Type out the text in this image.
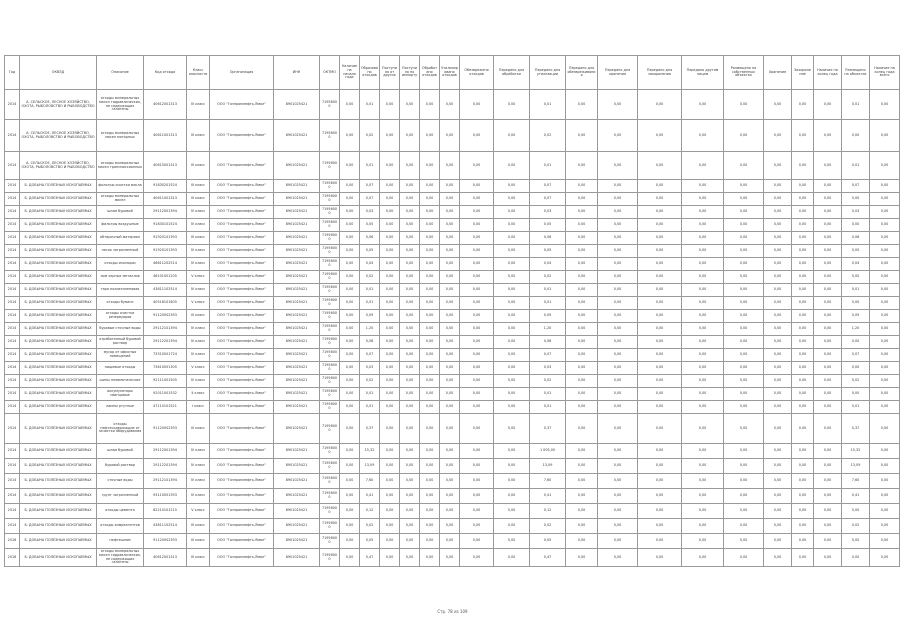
Год	ОКВЭД	Описание	Код отхода	Класс опасности	Организация	ИНН	ОКТМО	Наличие на начало года	Образовано отходов	Поступило от других	Поступило по импорту	Обработано отходов	Утилизировано отходов	Обезврежено отходов	Передано для обработки	Передано для утилизации	Передано для обезвреживания	Передано для хранения	Передано для захоронения	Передано другим лицам	Размещено на собственных объектах	Хранение	Захоронение	Наличие на конец года	Размещено на объектах	Наличие на конец года всего
2014	А. СЕЛЬСКОЕ, ЛЕСНОЕ ХОЗЯЙСТВО, ОХОТА, РЫБОЛОВСТВО И РЫБОВОДСТВО	отходы минеральных масел гидравлических, не содержащих галогены	40612001313	III класс	ООО "Газпромнефть-Ямал"	8901025421	71956000	0,00	0,01	0,00	0,00	0,00	0,00	0,00	0,00	0,01	0,00	0,00	0,00	0,00	0,00	0,00	0,00	0,00	0,01	0,00
2014	А. СЕЛЬСКОЕ, ЛЕСНОЕ ХОЗЯЙСТВО, ОХОТА, РЫБОЛОВСТВО И РЫБОВОДСТВО	отходы минеральных масел моторных	40611001313	III класс	ООО "Газпромнефть-Ямал"	8901025421	71956000	0,00	0,02	0,00	0,00	0,00	0,00	0,00	0,00	0,02	0,00	0,00	0,00	0,00	0,00	0,00	0,00	0,00	0,00	0,00
2014	А. СЕЛЬСКОЕ, ЛЕСНОЕ ХОЗЯЙСТВО, ОХОТА, РЫБОЛОВСТВО И РЫБОВОДСТВО	отходы минеральных масел трансмиссионных	40615001313	III класс	ООО "Газпромнефть-Ямал"	8901025421	71956000	0,00	0,01	0,00	0,00	0,00	0,00	0,00	0,00	0,01	0,00	0,00	0,00	0,00	0,00	0,00	0,00	0,00	0,01	0,00
2014	Б. ДОБЫЧА ПОЛЕЗНЫХ ИСКОПАЕМЫХ	фильтры очистки масла	91830201524	III класс	ООО "Газпромнефть-Ямал"	8901025421	71956000	0,00	0,07	0,00	0,00	0,00	0,00	0,00	0,00	0,07	0,00	0,00	0,00	0,00	0,00	0,00	0,00	0,00	0,07	0,00
2014	Б. ДОБЫЧА ПОЛЕЗНЫХ ИСКОПАЕМЫХ	отходы минеральных масел	40611001313	III класс	ООО "Газпромнефть-Ямал"	8901025421	71956000	0,00	0,07	0,00	0,00	0,00	0,00	0,00	0,00	0,07	0,00	0,00	0,00	0,00	0,00	0,00	0,00	0,00	0,00	0,00
2014	Б. ДОБЫЧА ПОЛЕЗНЫХ ИСКОПАЕМЫХ	шлам буровой	29112001394	IV класс	ООО "Газпромнефть-Ямал"	8901025421	71956000	0,00	0,03	0,00	0,00	0,00	0,00	0,00	0,00	0,03	0,00	0,00	0,00	0,00	0,00	0,00	0,00	0,00	0,03	0,00
2014	Б. ДОБЫЧА ПОЛЕЗНЫХ ИСКОПАЕМЫХ	фильтры воздушные	91830101524	IV класс	ООО "Газпромнефть-Ямал"	8901025421	71956000	0,00	0,05	0,00	0,00	0,00	0,00	0,00	0,00	0,05	0,00	0,00	0,00	0,00	0,00	0,00	0,00	0,00	0,00	0,00
2014	Б. ДОБЫЧА ПОЛЕЗНЫХ ИСКОПАЕМЫХ	обтирочный материал	91920101393	III класс	ООО "Газпромнефть-Ямал"	8901025421	71956000	0,00	0,06	0,00	0,00	0,00	0,00	0,00	0,00	0,06	0,00	0,00	0,00	0,00	0,00	0,00	0,00	0,00	0,06	0,00
2014	Б. ДОБЫЧА ПОЛЕЗНЫХ ИСКОПАЕМЫХ	песок загрязненный	91920101393	IV класс	ООО "Газпромнефть-Ямал"	8901025421	71956000	0,00	0,05	0,00	0,00	0,00	0,00	0,00	0,00	0,05	0,00	0,00	0,00	0,00	0,00	0,00	0,00	0,00	0,00	0,00
2014	Б. ДОБЫЧА ПОЛЕЗНЫХ ИСКОПАЕМЫХ	отходы изоляции	46811202514	IV класс	ООО "Газпромнефть-Ямал"	8901025421	71956000	0,00	0,04	0,00	0,00	0,00	0,00	0,00	0,00	0,04	0,00	0,00	0,00	0,00	0,00	0,00	0,00	0,00	0,04	0,00
2014	Б. ДОБЫЧА ПОЛЕЗНЫХ ИСКОПАЕМЫХ	лом черных металлов	46101001205	V класс	ООО "Газпромнефть-Ямал"	8901025421	71956000	0,00	0,02	0,00	0,00	0,00	0,00	0,00	0,00	0,02	0,00	0,00	0,00	0,00	0,00	0,00	0,00	0,00	0,00	0,00
2014	Б. ДОБЫЧА ПОЛЕЗНЫХ ИСКОПАЕМЫХ	тара полиэтиленовая	43811102514	IV класс	ООО "Газпромнефть-Ямал"	8901025421	71956000	0,00	0,01	0,00	0,00	0,00	0,00	0,00	0,00	0,01	0,00	0,00	0,00	0,00	0,00	0,00	0,00	0,00	0,01	0,00
2014	Б. ДОБЫЧА ПОЛЕЗНЫХ ИСКОПАЕМЫХ	отходы бумаги	40518101605	V класс	ООО "Газпромнефть-Ямал"	8901025421	71956000	0,00	0,01	0,00	0,00	0,00	0,00	0,00	0,00	0,01	0,00	0,00	0,00	0,00	0,00	0,00	0,00	0,00	0,00	0,00
2014	Б. ДОБЫЧА ПОЛЕЗНЫХ ИСКОПАЕМЫХ	отходы очистки резервуаров	91120002393	III класс	ООО "Газпромнефть-Ямал"	8901025421	71956000	0,00	0,09	0,00	0,00	0,00	0,00	0,00	0,00	0,09	0,00	0,00	0,00	0,00	0,00	0,00	0,00	0,00	0,09	0,00
2014	Б. ДОБЫЧА ПОЛЕЗНЫХ ИСКОПАЕМЫХ	буровые сточные воды	29112101394	IV класс	ООО "Газпромнефть-Ямал"	8901025421	71956000	0,00	1,20	0,00	0,00	0,00	0,00	0,00	0,00	1,20	0,00	0,00	0,00	0,00	0,00	0,00	0,00	0,00	1,20	0,00
2014	Б. ДОБЫЧА ПОЛЕЗНЫХ ИСКОПАЕМЫХ	отработанный буровой раствор	29112201394	IV класс	ООО "Газпромнефть-Ямал"	8901025421	71956000	0,00	0,08	0,00	0,00	0,00	0,00	0,00	0,00	0,08	0,00	0,00	0,00	0,00	0,00	0,00	0,00	0,00	0,00	0,00
2014	Б. ДОБЫЧА ПОЛЕЗНЫХ ИСКОПАЕМЫХ	мусор от офисных помещений	73310001724	IV класс	ООО "Газпромнефть-Ямал"	8901025421	71956000	0,00	0,07	0,00	0,00	0,00	0,00	0,00	0,00	0,07	0,00	0,00	0,00	0,00	0,00	0,00	0,00	0,00	0,07	0,00
2014	Б. ДОБЫЧА ПОЛЕЗНЫХ ИСКОПАЕМЫХ	пищевые отходы	73610001305	V класс	ООО "Газпромнефть-Ямал"	8901025421	71956000	0,00	0,03	0,00	0,00	0,00	0,00	0,00	0,00	0,03	0,00	0,00	0,00	0,00	0,00	0,00	0,00	0,00	0,00	0,00
2014	Б. ДОБЫЧА ПОЛЕЗНЫХ ИСКОПАЕМЫХ	шины пневматические	92111001505	IV класс	ООО "Газпромнефть-Ямал"	8901025421	71956000	0,00	0,02	0,00	0,00	0,00	0,00	0,00	0,00	0,02	0,00	0,00	0,00	0,00	0,00	0,00	0,00	0,00	0,02	0,00
2014	Б. ДОБЫЧА ПОЛЕЗНЫХ ИСКОПАЕМЫХ	аккумуляторы свинцовые	92011001532	II класс	ООО "Газпромнефть-Ямал"	8901025421	71956000	0,00	0,01	0,00	0,00	0,00	0,00	0,00	0,00	0,01	0,00	0,00	0,00	0,00	0,00	0,00	0,00	0,00	0,00	0,00
2014	Б. ДОБЫЧА ПОЛЕЗНЫХ ИСКОПАЕМЫХ	лампы ртутные	47110101521	I класс	ООО "Газпромнефть-Ямал"	8901025421	71956000	0,00	0,01	0,00	0,00	0,00	0,00	0,00	0,00	0,01	0,00	0,00	0,00	0,00	0,00	0,00	0,00	0,00	0,01	0,00
2014	Б. ДОБЫЧА ПОЛЕЗНЫХ ИСКОПАЕМЫХ	отходы нефтесодержащие от зачистки оборудования	91120002393	III класс	ООО "Газпромнефть-Ямал"	8901025421	71956000	0,00	0,37	0,00	0,00	0,00	0,00	0,00	0,00	0,37	0,00	0,00	0,00	0,00	0,00	0,00	0,00	0,00	0,37	0,00
2014	Б. ДОБЫЧА ПОЛЕЗНЫХ ИСКОПАЕМЫХ	шлам буровой	29112001394	IV класс	ООО "Газпромнефть-Ямал"	8901025421	71956000	0,00	15,32	0,00	0,00	0,00	0,00	0,00	0,00	1 005,00	0,00	0,00	0,00	0,00	0,00	0,00	0,00	0,00	15,32	0,00
2014	Б. ДОБЫЧА ПОЛЕЗНЫХ ИСКОПАЕМЫХ	буровой раствор	29112201394	IV класс	ООО "Газпромнефть-Ямал"	8901025421	71956000	0,00	13,09	0,00	0,00	0,00	0,00	0,00	0,00	13,09	0,00	0,00	0,00	0,00	0,00	0,00	0,00	0,00	13,09	0,00
2014	Б. ДОБЫЧА ПОЛЕЗНЫХ ИСКОПАЕМЫХ	сточные воды	29112101394	IV класс	ООО "Газпромнефть-Ямал"	8901025421	71956000	0,00	7,60	0,00	0,00	0,00	0,00	0,00	0,00	7,60	0,00	0,00	0,00	0,00	0,00	0,00	0,00	0,00	7,60	0,00
2014	Б. ДОБЫЧА ПОЛЕЗНЫХ ИСКОПАЕМЫХ	грунт загрязненный	93110001393	IV класс	ООО "Газпромнефть-Ямал"	8901025421	71956000	0,00	0,41	0,00	0,00	0,00	0,00	0,00	0,00	0,41	0,00	0,00	0,00	0,00	0,00	0,00	0,00	0,00	0,41	0,00
2014	Б. ДОБЫЧА ПОЛЕЗНЫХ ИСКОПАЕМЫХ	отходы цемента	82210101215	V класс	ООО "Газпромнефть-Ямал"	8901025421	71956000	0,00	0,12	0,00	0,00	0,00	0,00	0,00	0,00	0,12	0,00	0,00	0,00	0,00	0,00	0,00	0,00	0,00	0,00	0,00
2014	Б. ДОБЫЧА ПОЛЕЗНЫХ ИСКОПАЕМЫХ	отходы химреагентов	43811102514	III класс	ООО "Газпромнефть-Ямал"	8901025421	71956000	0,00	0,02	0,00	0,00	0,00	0,00	0,00	0,00	0,02	0,00	0,00	0,00	0,00	0,00	0,00	0,00	0,00	0,02	0,00
2016	Б. ДОБЫЧА ПОЛЕЗНЫХ ИСКОПАЕМЫХ	нефтешлам	91120002393	III класс	ООО "Газпромнефть-Ямал"	8901025421	71956000	0,00	0,05	0,00	0,00	0,00	0,00	0,00	0,00	0,05	0,00	0,00	0,00	0,00	0,00	0,00	0,00	0,00	0,00	0,00
2016	Б. ДОБЫЧА ПОЛЕЗНЫХ ИСКОПАЕМЫХ	отходы минеральных масел гидравлических, не содержащих галогены	40612001313	III класс	ООО "Газпромнефть-Ямал"	8901025421	71956000	0,00	0,47	0,00	0,00	0,00	0,00	0,00	0,00	0,47	0,00	0,00	0,00	0,00	0,00	0,00	0,00	0,00	0,00	0,00
Стр. 78 из 109
